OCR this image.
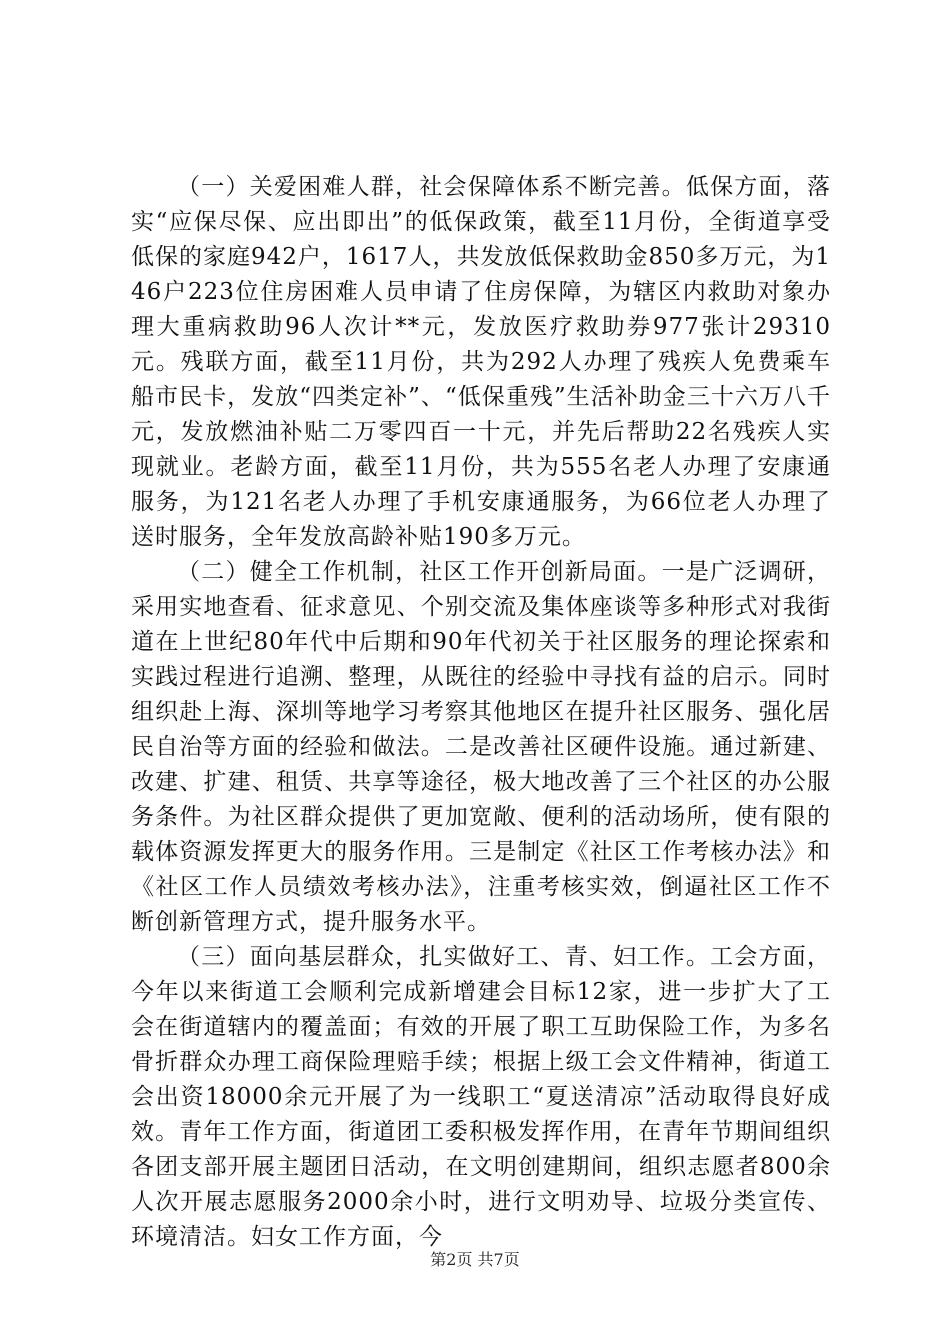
（一）关爱困难人群，社会保障体系不断完善。低保方面，落实“应保尽保、应出即出”的低保政策，截至11月份，全街道享受低保的家庭942户，1617人，共发放低保救助金850多万元，为146户223位住房困难人员申请了住房保障，为辖区内救助对象办理大重病救助96人次计**元，发放医疗救助券977张计29310元。残联方面，截至11月份，共为292人办理了残疾人免费乘车船市民卡，发放“四类定补”、“低保重残”生活补助金三十六万八千元，发放燃油补贴二万零四百一十元，并先后帮助22名残疾人实现就业。老龄方面，截至11月份，共为555名老人办理了安康通服务，为121名老人办理了手机安康通服务，为66位老人办理了送时服务，全年发放高龄补贴190多万元。

（二）健全工作机制，社区工作开创新局面。一是广泛调研，采用实地查看、征求意见、个别交流及集体座谈等多种形式对我街道在上世纪80年代中后期和90年代初关于社区服务的理论探索和实践过程进行追溯、整理，从既往的经验中寻找有益的启示。同时组织赴上海、深圳等地学习考察其他地区在提升社区服务、强化居民自治等方面的经验和做法。二是改善社区硬件设施。通过新建、改建、扩建、租赁、共享等途径，极大地改善了三个社区的办公服务条件。为社区群众提供了更加宽敞、便利的活动场所，使有限的载体资源发挥更大的服务作用。三是制定《社区工作考核办法》和《社区工作人员绩效考核办法》，注重考核实效，倒逼社区工作不断创新管理方式，提升服务水平。

（三）面向基层群众，扎实做好工、青、妇工作。工会方面，今年以来街道工会顺利完成新增建会目标12家，进一步扩大了工会在街道辖内的覆盖面；有效的开展了职工互助保险工作，为多名骨折群众办理工商保险理赔手续；根据上级工会文件精神，街道工会出资18000余元开展了为一线职工“夏送清凉”活动取得良好成效。青年工作方面，街道团工委积极发挥作用，在青年节期间组织各团支部开展主题团日活动，在文明创建期间，组织志愿者800余人次开展志愿服务2000余小时，进行文明劝导、垃圾分类宣传、环境清洁。妇女工作方面，今

第2页 共7页
